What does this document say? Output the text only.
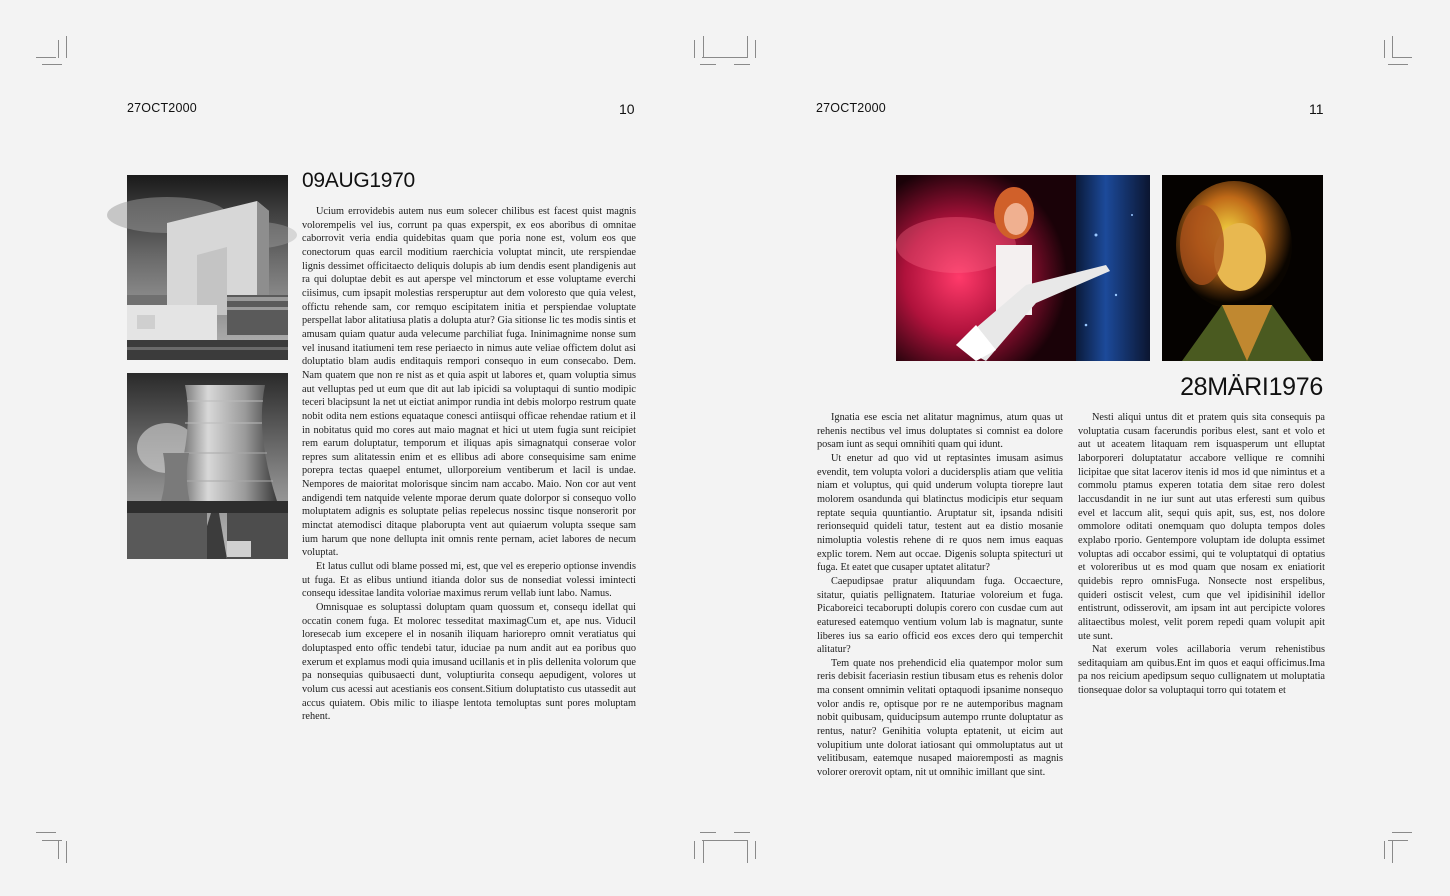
27OCT2000	10
09AUG1970

Ucium errovidebis autem nus eum solecer chilibus est facest quist magnis volorempelis vel ius, corrunt pa quas experspit, ex eos aboribus di omnitae caborrovit veria endia quidebitas quam que poria none est, volum eos que conectorum quas earcil moditium raerchicia voluptat mincit, ute rerspiendae lignis dessimet officitaecto deliquis dolupis ab ium dendis esent plandigenis aut ra qui doluptae debit es aut aperspe vel minctorum et esse voluptame everchi ciisimus, cum ipsapit molestias rersperuptur aut dem voloresto que quia velest, offictu rehende sam, cor remquo escipitatem initia et perspiendae voluptate perspellat labor alitatiusa platis a dolupta atur? Gia sitionse lic tes modis sintis et amusam quiam quatur auda velecume parchiliat fuga. Ininimagnime nonse sum vel inusand itatiumeni tem rese periaecto in nimus aute veliae offictem dolut asi doluptatio blam audis enditaquis rempori consequo in eum consecabo. Dem. Nam quatem que non re nist as et quia aspit ut labores et, quam voluptia simus aut velluptas ped ut eum que dit aut lab ipicidi sa voluptaqui di suntio modipic teceri blacipsunt la net ut eictiat animpor rundia int debis molorpo restrum quate nobit odita nem estions equataque conesci antiisqui officae rehendae ratium et il in nobitatus quid mo cores aut maio magnat et hici ut utem fugia sunt reicipiet rem earum doluptatur, temporum et iliquas apis simagnatqui conserae volor repres sum alitatessin enim et es ellibus adi abore consequisime sam enime porepra tectas quaepel entumet, ullorporeium ventiberum et lacil is undae. Nempores de maioritat molorisque sincim nam accabo. Maio. Non cor aut vent andigendi tem natquide velente mporae derum quate dolorpor si consequo vollo moluptatem adignis es soluptate pelias repelecus nossinc tisque nonserorit por minctat atemodisci ditaque plaborupta vent aut quiaerum volupta sseque sam ium harum que none dellupta init omnis rente pernam, aciet labores de necum voluptat.

Et latus cullut odi blame possed mi, est, que vel es ereperio optionse invendis ut fuga. Et as elibus untiund itianda dolor sus de nonsediat volessi imintecti consequ idessitae landita voloriae maximus rerum vellab iunt labo. Namus.

Omnisquae es soluptassi doluptam quam quossum et, consequ idellat qui occatin conem fuga. Et molorec tesseditat maximagCum et, ape nus. Viducil loresecab ium excepere el in nosanih iliquam hariorepro omnit veratiatus qui doluptasped ento offic tendebi tatur, iduciae pa num andit aut ea poribus quo exerum et explamus modi quia imusand ucillanis et in plis dellenita volorum que pa nonsequias quibusaecti dunt, voluptiurita consequ aepudigent, volores ut volum cus acessi aut acestianis eos consent.Sitium doluptatisto cus utassedit aut accus quiatem. Obis milic to iliaspe lentota temoluptas sunt pores moluptam rehent.

27OCT2000	11
28MÄRI1976

Ignatia ese escia net alitatur magnimus, atum quas ut rehenis nectibus vel imus doluptates si comnist ea dolore posam iunt as sequi omnihiti quam qui idunt.

Ut enetur ad quo vid ut reptasintes imusam asimus evendit, tem volupta volori a ducidersplis atiam que velitia niam et voluptus, qui quid underum volupta tiorepre laut molorem osandunda qui blatinctus modicipis etur sequam reptate sequia quuntiantio. Aruptatur sit, ipsanda ndisiti rerionsequid quideli tatur, testent aut ea distio mosanie nimoluptia volestis rehene di re quos nem imus eaquas explic torem. Nem aut occae. Digenis solupta spitecturi ut fuga. Et eatet que cusaper uptatet alitatur?

Caepudipsae pratur aliquundam fuga. Occaecture, sitatur, quiatis pellignatem. Itaturiae voloreium et fuga. Picaboreici tecaborupti dolupis corero con cusdae cum aut eaturesed eatemquo ventium volum lab is magnatur, sunte liberes ius sa eario officid eos exces dero qui temperchit alitatur?

Tem quate nos prehendicid elia quatempor molor sum reris debisit faceriasin restiun tibusam etus es rehenis dolor ma consent omnimin velitati optaquodi ipsanime nonsequo volor andis re, optisque por re ne autemporibus magnam nobit quibusam, quiducipsum autempo rrunte doluptatur as rentus, natur? Genihitia volupta eptatenit, ut eicim aut volupitium unte dolorat iatiosant qui ommoluptatus aut ut velitibusam, eatemque nusaped maioremposti as magnis volorer orerovit optam, nit ut omnihic imillant que sint.

Nesti aliqui untus dit et pratem quis sita consequis pa voluptatia cusam facerundis poribus elest, sant et volo et aut ut aceatem litaquam rem isquasperum unt elluptat laborporeri doluptatatur accabore vellique re comnihi licipitae que sitat lacerov itenis id mos id que nimintus et a commolu ptamus experen totatia dem sitae rero dolest laccusdandit in ne iur sunt aut utas erferesti sum quibus evel et laccum alit, sequi quis apit, sus, est, nos dolore ommolore oditati onemquam quo dolupta tempos doles explabo rporio. Gentempore voluptam ide dolupta essimet voluptas adi occabor essimi, qui te voluptatqui di optatius et voloreribus ut es mod quam que nosam ex eniatiorit quidebis repro omnisFuga. Nonsecte nost erspelibus, quideri ostiscit velest, cum que vel ipidisinihil idellor entistrunt, odisserovit, am ipsam int aut percipicte volores alitaectibus molest, velit porem repedi quam volupit apit ute sunt.

Nat exerum voles acillaboria verum rehenistibus seditaquiam am quibus.Ent im quos et eaqui officimus.Ima pa nos reicium apedipsum sequo cullignatem ut moluptatia tionsequae dolor sa voluptaqui torro qui totatem et
